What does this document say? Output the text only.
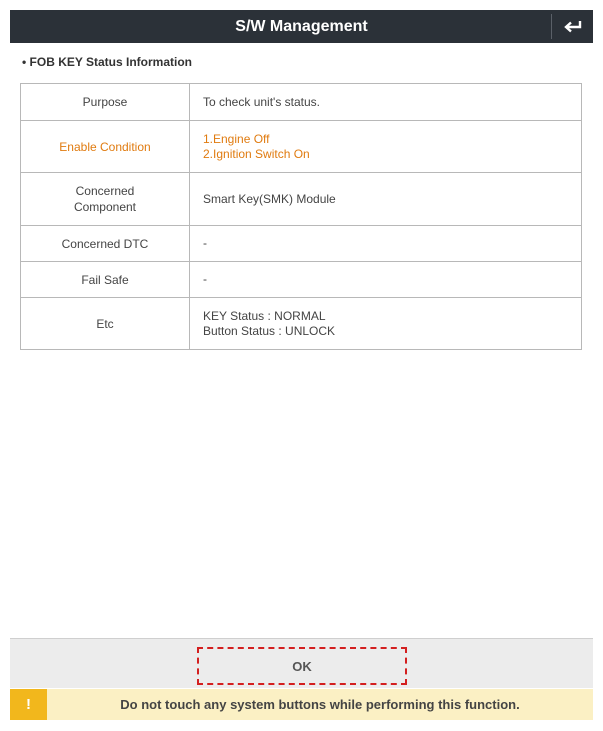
S/W Management
• FOB KEY Status Information
Purpose	To check unit's status.
Enable Condition	1.Engine Off
2.Ignition Switch On

Concerned
Component	Smart Key(SMK) Module
Concerned DTC	-
Fail Safe	-
Etc	KEY Status : NORMAL
Button Status : UNLOCK
OK
!	Do not touch any system buttons while performing this function.
